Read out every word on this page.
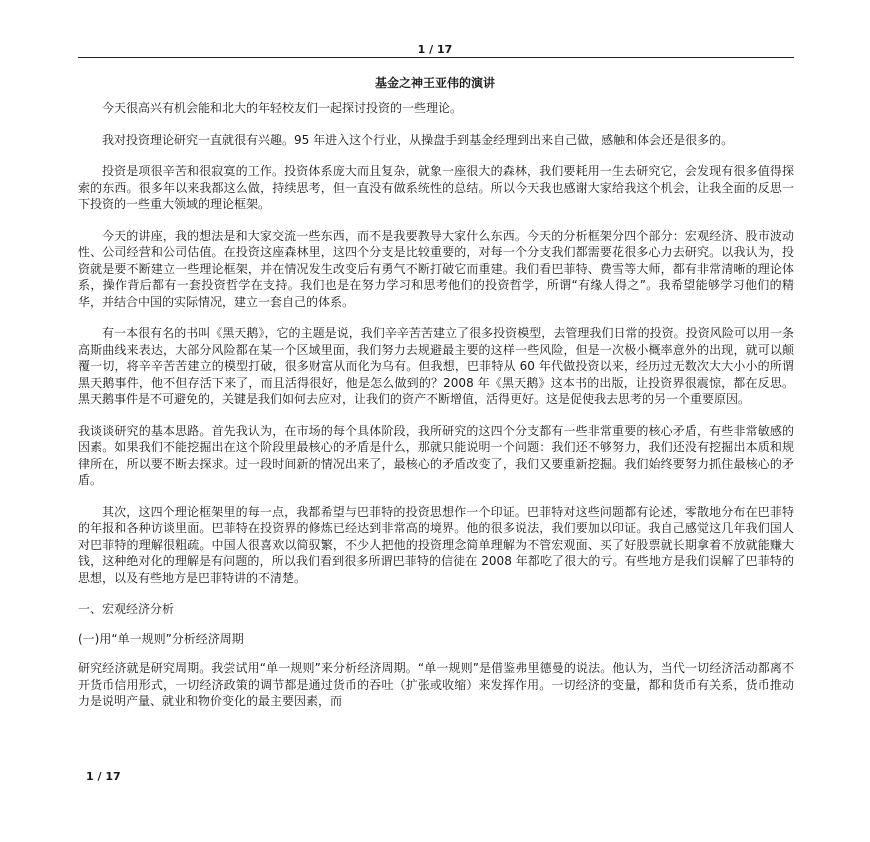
1 / 17
基金之神王亚伟的演讲

今天很高兴有机会能和北大的年轻校友们一起探讨投资的一些理论。

我对投资理论研究一直就很有兴趣。95 年进入这个行业，从操盘手到基金经理到出来自己做，感触和体会还是很多的。

投资是项很辛苦和很寂寞的工作。投资体系庞大而且复杂，就象一座很大的森林，我们要耗用一生去研究它，会发现有很多值得探索的东西。很多年以来我都这么做，持续思考，但一直没有做系统性的总结。所以今天我也感谢大家给我这个机会，让我全面的反思一下投资的一些重大领域的理论框架。

今天的讲座，我的想法是和大家交流一些东西，而不是我要教导大家什么东西。今天的分析框架分四个部分：宏观经济、股市波动性、公司经营和公司估值。在投资这座森林里，这四个分支是比较重要的，对每一个分支我们都需要花很多心力去研究。以我认为，投资就是要不断建立一些理论框架，并在情况发生改变后有勇气不断打破它而重建。我们看巴菲特、费雪等大师，都有非常清晰的理论体系，操作背后都有一套投资哲学在支持。我们也是在努力学习和思考他们的投资哲学，所谓“有缘人得之”。我希望能够学习他们的精华，并结合中国的实际情况，建立一套自己的体系。

有一本很有名的书叫《黑天鹅》，它的主题是说，我们辛辛苦苦建立了很多投资模型，去管理我们日常的投资。投资风险可以用一条高斯曲线来表达，大部分风险都在某一个区域里面，我们努力去规避最主要的这样一些风险，但是一次极小概率意外的出现，就可以颠覆一切，将辛辛苦苦建立的模型打破，很多财富从而化为乌有。但我想，巴菲特从 60 年代做投资以来，经历过无数次大大小小的所谓黑天鹅事件，他不但存活下来了，而且活得很好，他是怎么做到的？2008 年《黑天鹅》这本书的出版，让投资界很震惊，都在反思。黑天鹅事件是不可避免的，关键是我们如何去应对，让我们的资产不断增值，活得更好。这是促使我去思考的另一个重要原因。

我谈谈研究的基本思路。首先我认为，在市场的每个具体阶段，我所研究的这四个分支都有一些非常重要的核心矛盾，有些非常敏感的因素。如果我们不能挖掘出在这个阶段里最核心的矛盾是什么，那就只能说明一个问题：我们还不够努力，我们还没有挖掘出本质和规律所在，所以要不断去探求。过一段时间新的情况出来了，最核心的矛盾改变了，我们又要重新挖掘。我们始终要努力抓住最核心的矛盾。

其次，这四个理论框架里的每一点，我都希望与巴菲特的投资思想作一个印证。巴菲特对这些问题都有论述，零散地分布在巴菲特的年报和各种访谈里面。巴菲特在投资界的修炼已经达到非常高的境界。他的很多说法，我们要加以印证。我自己感觉这几年我们国人对巴菲特的理解很粗疏。中国人很喜欢以简驭繁，不少人把他的投资理念简单理解为不管宏观面、买了好股票就长期拿着不放就能赚大钱，这种绝对化的理解是有问题的，所以我们看到很多所谓巴菲特的信徒在 2008 年都吃了很大的亏。有些地方是我们误解了巴菲特的思想，以及有些地方是巴菲特讲的不清楚。

一、宏观经济分析

(一)用“单一规则”分析经济周期

研究经济就是研究周期。我尝试用“单一规则”来分析经济周期。“单一规则”是借鉴弗里德曼的说法。他认为，当代一切经济活动都离不开货币信用形式，一切经济政策的调节都是通过货币的吞吐（扩张或收缩）来发挥作用。一切经济的变量，都和货币有关系，货币推动力是说明产量、就业和物价变化的最主要因素，而

1 / 17
